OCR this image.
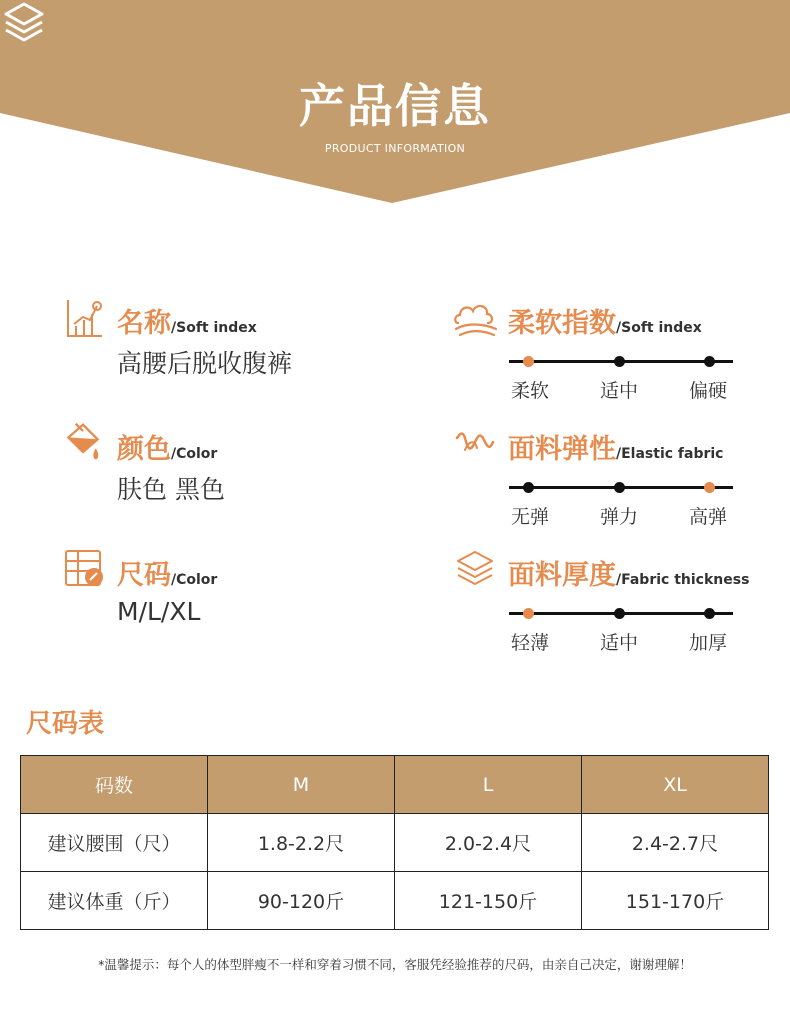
产品信息
PRODUCT INFORMATION
名称/Soft index
高腰后脱收腹裤
颜色/Color
肤色 黑色
尺码/Color
M/L/XL
柔软指数/Soft index
柔软	适中	偏硬
面料弹性/Elastic fabric
无弹	弹力	高弹
面料厚度/Fabric thickness
轻薄	适中	加厚
尺码表
码数	M	L	XL
建议腰围（尺）	1.8-2.2尺	2.0-2.4尺	2.4-2.7尺
建议体重（斤）	90-120斤	121-150斤	151-170斤
*温馨提示：每个人的体型胖瘦不一样和穿着习惯不同，客服凭经验推荐的尺码，由亲自己决定，谢谢理解！
